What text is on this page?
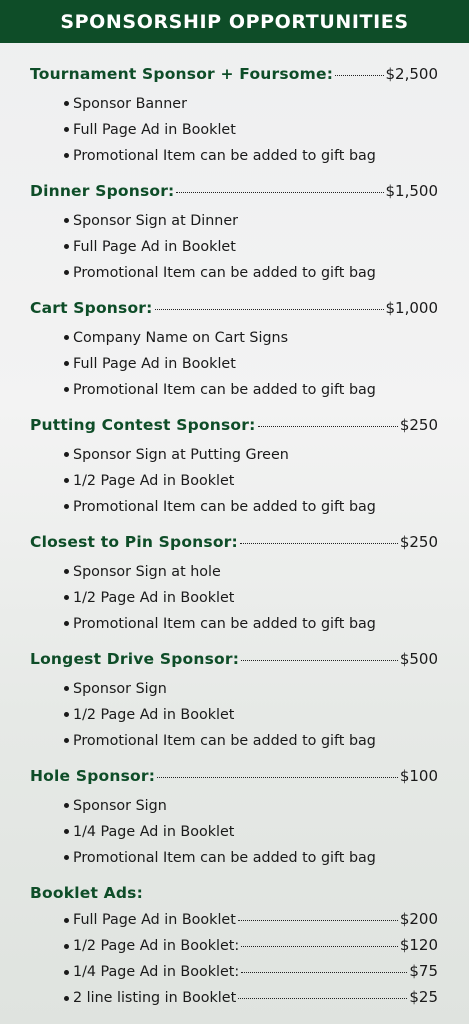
SPONSORSHIP OPPORTUNITIES
Tournament Sponsor + Foursome:	$2,500
Sponsor Banner
Full Page Ad in Booklet
Promotional Item can be added to gift bag
Dinner Sponsor:	$1,500
Sponsor Sign at Dinner
Full Page Ad in Booklet
Promotional Item can be added to gift bag
Cart Sponsor:	$1,000
Company Name on Cart Signs
Full Page Ad in Booklet
Promotional Item can be added to gift bag
Putting Contest Sponsor:	$250
Sponsor Sign at Putting Green
1/2 Page Ad in Booklet
Promotional Item can be added to gift bag
Closest to Pin Sponsor:	$250
Sponsor Sign at hole
1/2 Page Ad in Booklet
Promotional Item can be added to gift bag
Longest Drive Sponsor:	$500
Sponsor Sign
1/2 Page Ad in Booklet
Promotional Item can be added to gift bag
Hole Sponsor:	$100
Sponsor Sign
1/4 Page Ad in Booklet
Promotional Item can be added to gift bag
Booklet Ads:
Full Page Ad in Booklet	$200
1/2 Page Ad in Booklet:	$120
1/4 Page Ad in Booklet:	$75
2 line listing in Booklet	$25
